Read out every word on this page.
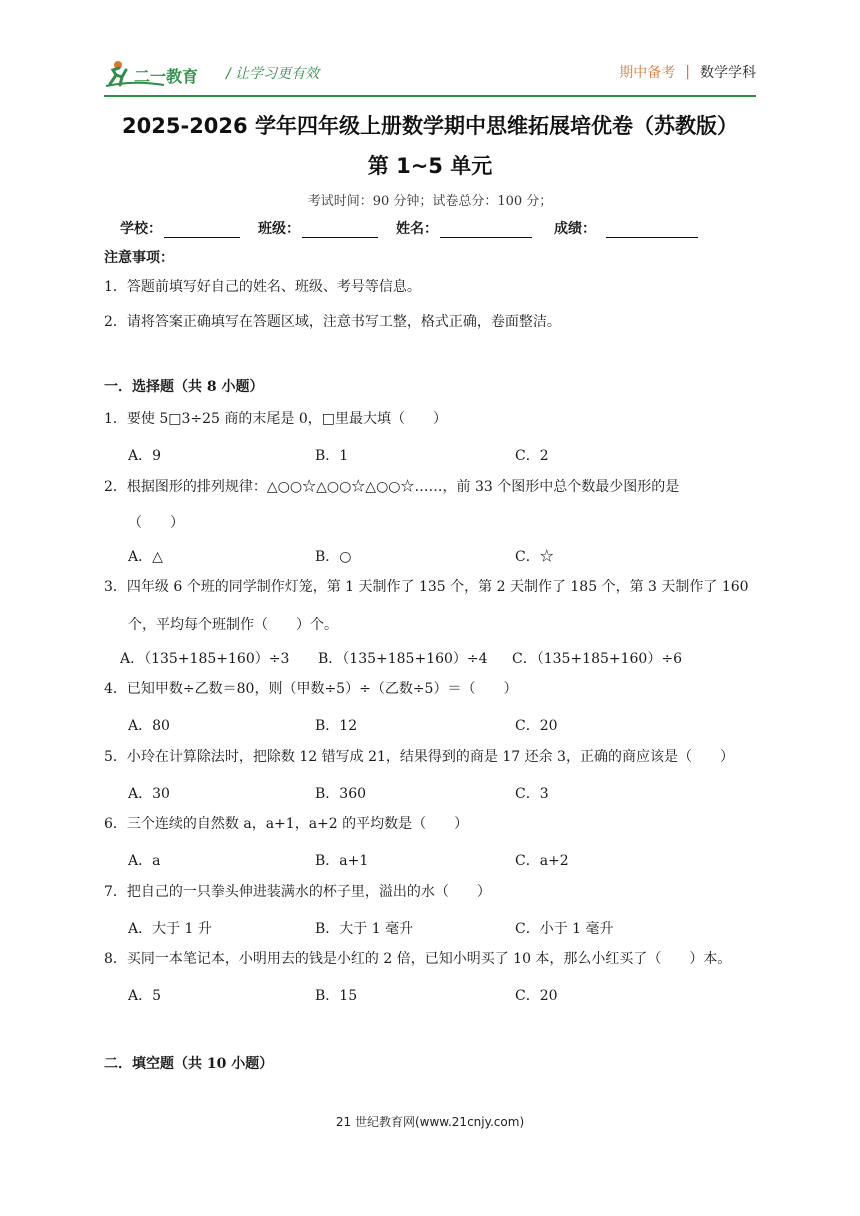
二一教育 / 让学习更有效	期中备考 | 数学学科
2025-2026 学年四年级上册数学期中思维拓展培优卷（苏教版）
第 1~5 单元
考试时间：90 分钟；试卷总分：100 分；
学校：	班级：	姓名：	成绩：
注意事项：
1．答题前填写好自己的姓名、班级、考号等信息。
2．请将答案正确填写在答题区域，注意书写工整，格式正确，卷面整洁。
一．选择题（共 8 小题）
1．要使 5□3÷25 商的末尾是 0，□里最大填（　　）
A．9	B．1	C．2
2．根据图形的排列规律：△○○☆△○○☆△○○☆……，前 33 个图形中总个数最少图形的是
（　　）
A．△	B．○	C．☆
3．四年级 6 个班的同学制作灯笼，第 1 天制作了 135 个，第 2 天制作了 185 个，第 3 天制作了 160
个，平均每个班制作（　　）个。
A．（135+185+160）÷3 B．（135+185+160）÷4 C．（135+185+160）÷6
4．已知甲数÷乙数＝80，则（甲数÷5）÷（乙数÷5）＝（　　）
A．80	B．12	C．20
5．小玲在计算除法时，把除数 12 错写成 21，结果得到的商是 17 还余 3，正确的商应该是（　　）
A．30	B．360	C．3
6．三个连续的自然数 a，a+1，a+2 的平均数是（　　）
A．a	B．a+1	C．a+2
7．把自己的一只拳头伸进装满水的杯子里，溢出的水（　　）
A．大于 1 升	B．大于 1 毫升	C．小于 1 毫升
8．买同一本笔记本，小明用去的钱是小红的 2 倍，已知小明买了 10 本，那么小红买了（　　）本。
A．5	B．15	C．20
二．填空题（共 10 小题）
21 世纪教育网(www.21cnjy.com)
